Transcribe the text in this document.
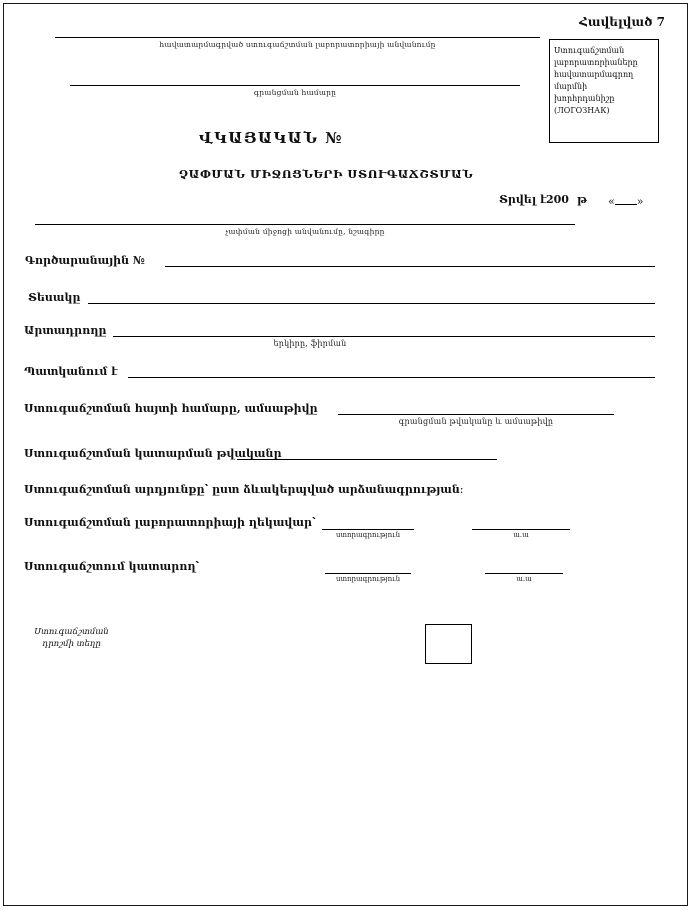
Հավելված 7
հավատարմագրված ստուգաճշտման լաբորատորիայի անվանումը
գրանցման համարը
Ստուգաճշտման
լաբորատորիաները
հավատարմագրող
մարմնի
խորհրդանիշը
(ЛОГОЗНАК)
ՎԿԱՅԱԿԱՆ №
ՉԱՓՄԱՆ ՄԻՋՈՑՆԵՐԻ ՍՏՈՒԳԱՃՇՏՄԱՆ
Տրվել է 200 թ « »
չափման միջոցի անվանումը, նշագիրը
Գործարանային №
Տեսակը
Արտադրողը
երկիրը, ֆիրման
Պատկանում է
Ստուգաճշտման հայտի համարը, ամսաթիվը
գրանցման թվականը և ամսաթիվը
Ստուգաճշտման կատարման թվականը
Ստուգաճշտման արդյունքը՝ ըստ ձևակերպված արձանագրության։
Ստուգաճշտման լաբորատորիայի ղեկավար՝
ստորագրություն	ա.ա
Ստուգաճշտում կատարող՝
ստորագրություն	ա.ա
Ստուգաճշտման
դրոշմի տեղը
